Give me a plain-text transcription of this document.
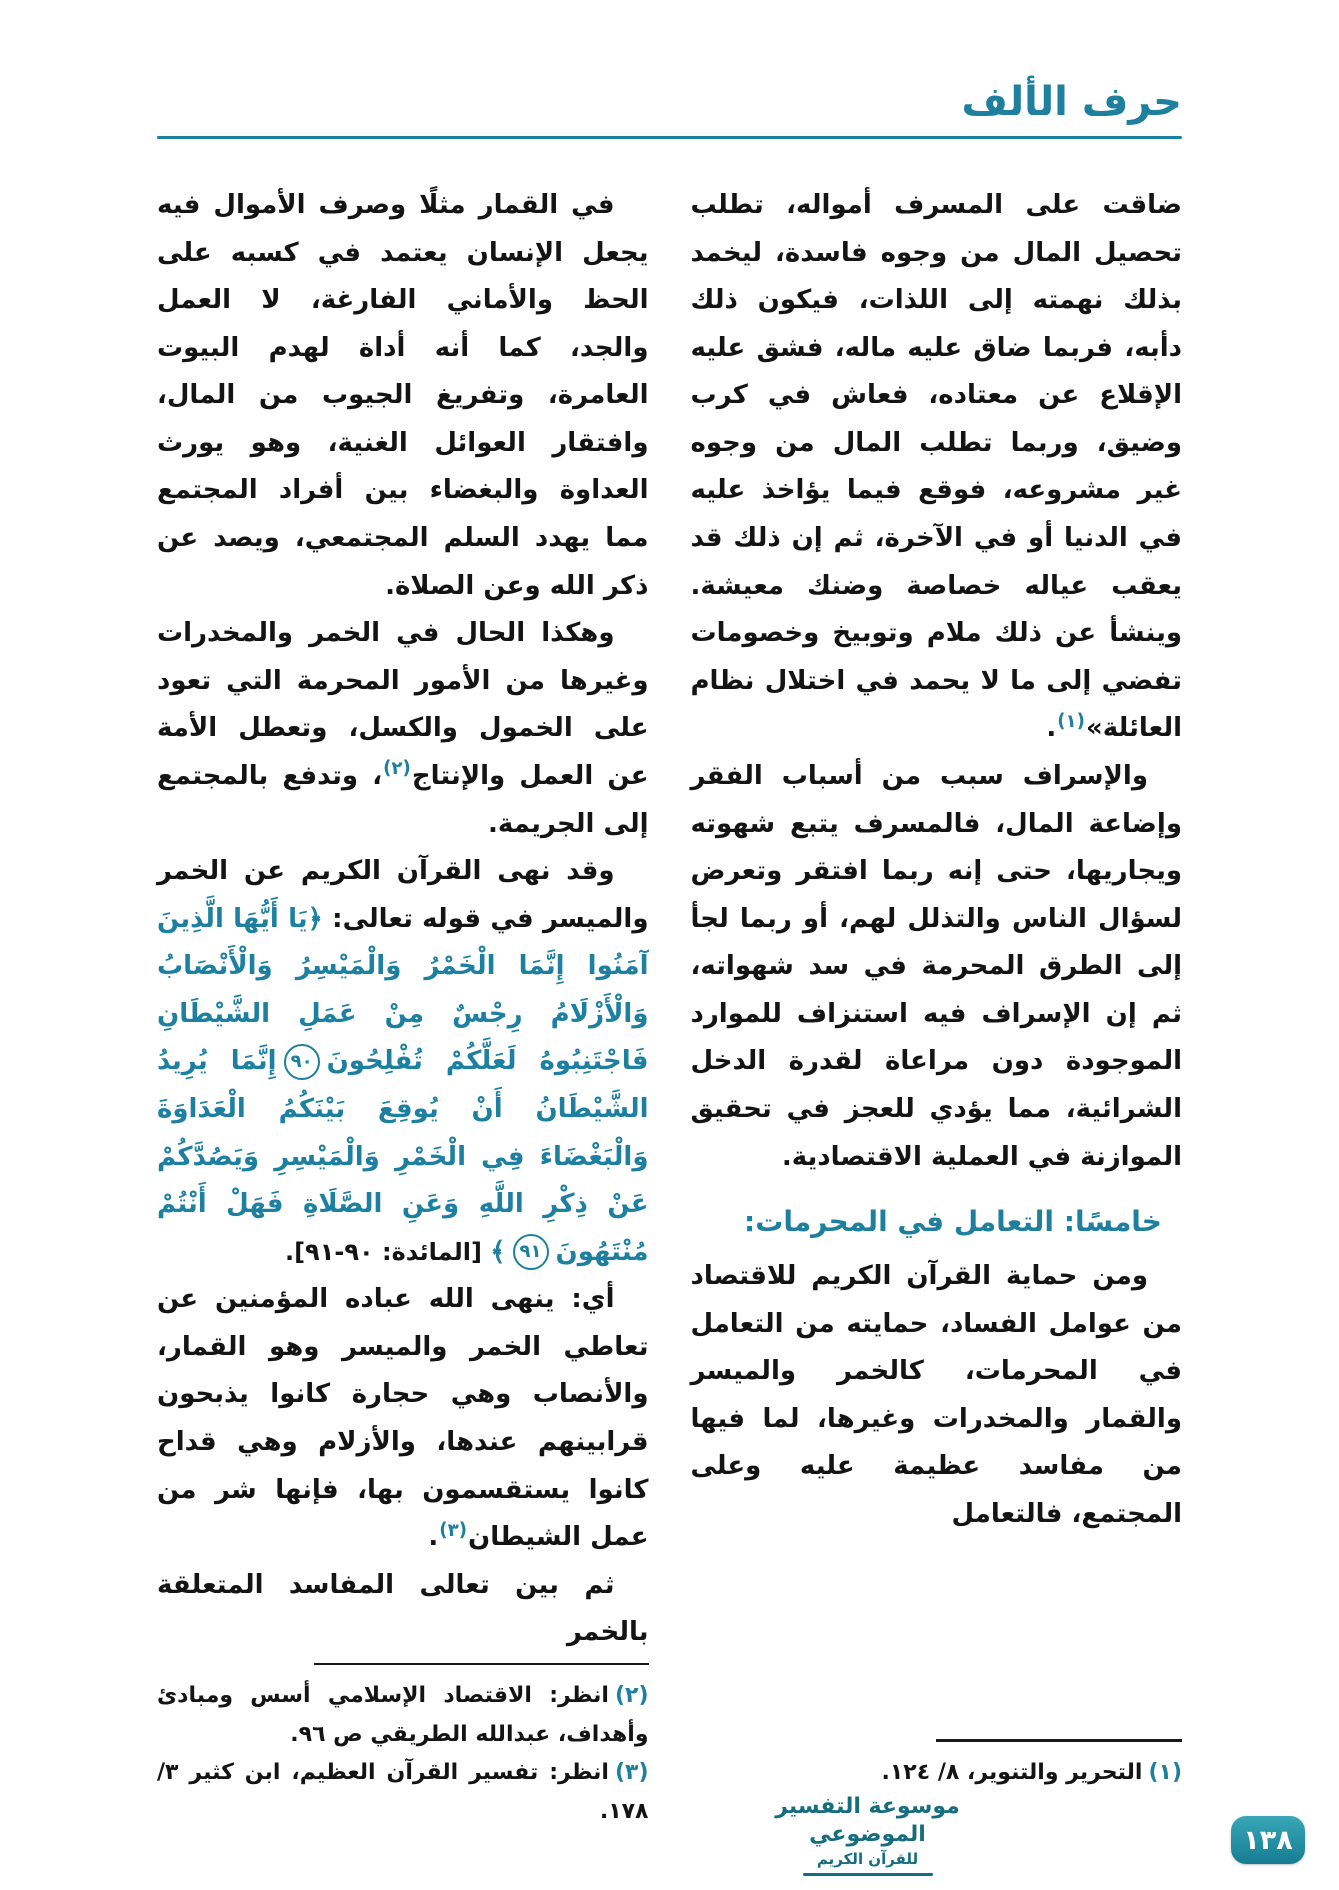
حرف الألف

ضاقت على المسرف أمواله، تطلب تحصيل المال من وجوه فاسدة، ليخمد بذلك نهمته إلى اللذات، فيكون ذلك دأبه، فربما ضاق عليه ماله، فشق عليه الإقلاع عن معتاده، فعاش في كرب وضيق، وربما تطلب المال من وجوه غير مشروعه، فوقع فيما يؤاخذ عليه في الدنيا أو في الآخرة، ثم إن ذلك قد يعقب عياله خصاصة وضنك معيشة. وينشأ عن ذلك ملام وتوبيخ وخصومات تفضي إلى ما لا يحمد في اختلال نظام العائلة»$^{(١)}$.

والإسراف سبب من أسباب الفقر وإضاعة المال، فالمسرف يتبع شهوته ويجاريها، حتى إنه ربما افتقر وتعرض لسؤال الناس والتذلل لهم، أو ربما لجأ إلى الطرق المحرمة في سد شهواته، ثم إن الإسراف فيه استنزاف للموارد الموجودة دون مراعاة لقدرة الدخل الشرائية، مما يؤدي للعجز في تحقيق الموازنة في العملية الاقتصادية.

خامسًا: التعامل في المحرمات:

ومن حماية القرآن الكريم للاقتصاد من عوامل الفساد، حمايته من التعامل في المحرمات، كالخمر والميسر والقمار والمخدرات وغيرها، لما فيها من مفاسد عظيمة عليه وعلى المجتمع، فالتعامل

(١)التحرير والتنوير، ٨/ ١٢٤.

في القمار مثلًا وصرف الأموال فيه يجعل الإنسان يعتمد في كسبه على الحظ والأماني الفارغة، لا العمل والجد، كما أنه أداة لهدم البيوت العامرة، وتفريغ الجيوب من المال، وافتقار العوائل الغنية، وهو يورث العداوة والبغضاء بين أفراد المجتمع مما يهدد السلم المجتمعي، ويصد عن ذكر الله وعن الصلاة.

وهكذا الحال في الخمر والمخدرات وغيرها من الأمور المحرمة التي تعود على الخمول والكسل، وتعطل الأمة عن العمل والإنتاج$^{(٢)}$، وتدفع بالمجتمع إلى الجريمة.

وقد نهى القرآن الكريم عن الخمر والميسر في قوله تعالى: ﴿يَا أَيُّهَا الَّذِينَ آمَنُوا إِنَّمَا الْخَمْرُ وَالْمَيْسِرُ وَالْأَنْصَابُ وَالْأَزْلَامُ رِجْسٌ مِنْ عَمَلِ الشَّيْطَانِ فَاجْتَنِبُوهُ لَعَلَّكُمْ تُفْلِحُونَ٩٠إِنَّمَا يُرِيدُ الشَّيْطَانُ أَنْ يُوقِعَ بَيْنَكُمُ الْعَدَاوَةَ وَالْبَغْضَاءَ فِي الْخَمْرِ وَالْمَيْسِرِ وَيَصُدَّكُمْ عَنْ ذِكْرِ اللَّهِ وَعَنِ الصَّلَاةِ فَهَلْ أَنْتُمْ مُنْتَهُونَ٩١﴾ [المائدة: ٩٠-٩١].

أي: ينهى الله عباده المؤمنين عن تعاطي الخمر والميسر وهو القمار، والأنصاب وهي حجارة كانوا يذبحون قرابينهم عندها، والأزلام وهي قداح كانوا يستقسمون بها، فإنها شر من عمل الشيطان$^{(٣)}$.

ثم بين تعالى المفاسد المتعلقة بالخمر

(٢)انظر: الاقتصاد الإسلامي أسس ومبادئ وأهداف، عبدالله الطريقي ص ٩٦.

(٣)انظر: تفسير القرآن العظيم، ابن كثير ٣/ ١٧٨.	موسوعة التفسير الموضوعي
للقرآن الكريم
١٣٨
